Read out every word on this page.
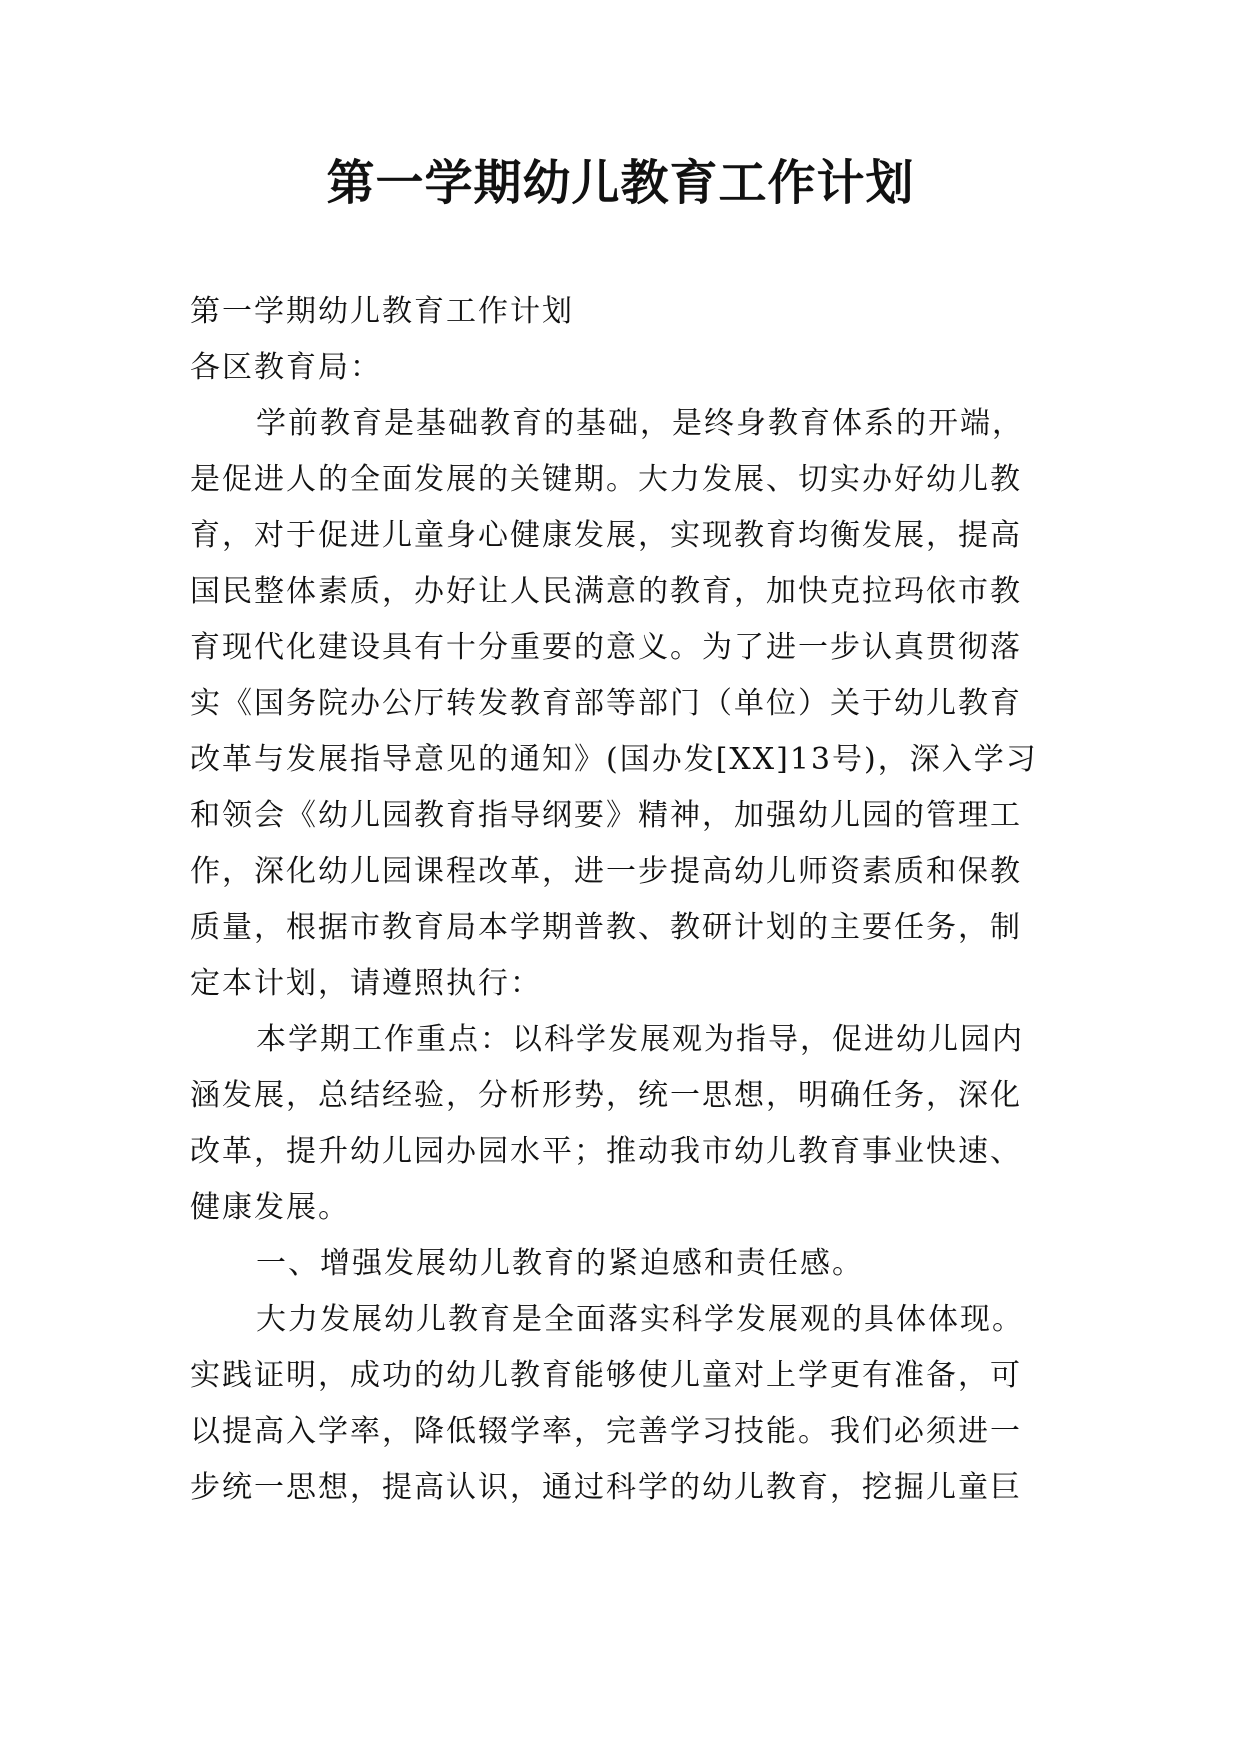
第一学期幼儿教育工作计划
第一学期幼儿教育工作计划
各区教育局：
学前教育是基础教育的基础，是终身教育体系的开端，
是促进人的全面发展的关键期。大力发展、切实办好幼儿教
育，对于促进儿童身心健康发展，实现教育均衡发展，提高
国民整体素质，办好让人民满意的教育，加快克拉玛依市教
育现代化建设具有十分重要的意义。为了进一步认真贯彻落
实《国务院办公厅转发教育部等部门（单位）关于幼儿教育
改革与发展指导意见的通知》(国办发[XX]13号)，深入学习
和领会《幼儿园教育指导纲要》精神，加强幼儿园的管理工
作，深化幼儿园课程改革，进一步提高幼儿师资素质和保教
质量，根据市教育局本学期普教、教研计划的主要任务，制
定本计划，请遵照执行：
本学期工作重点：以科学发展观为指导，促进幼儿园内
涵发展，总结经验，分析形势，统一思想，明确任务，深化
改革，提升幼儿园办园水平；推动我市幼儿教育事业快速、
健康发展。
一、增强发展幼儿教育的紧迫感和责任感。
大力发展幼儿教育是全面落实科学发展观的具体体现。
实践证明，成功的幼儿教育能够使儿童对上学更有准备，可
以提高入学率，降低辍学率，完善学习技能。我们必须进一
步统一思想，提高认识，通过科学的幼儿教育，挖掘儿童巨
